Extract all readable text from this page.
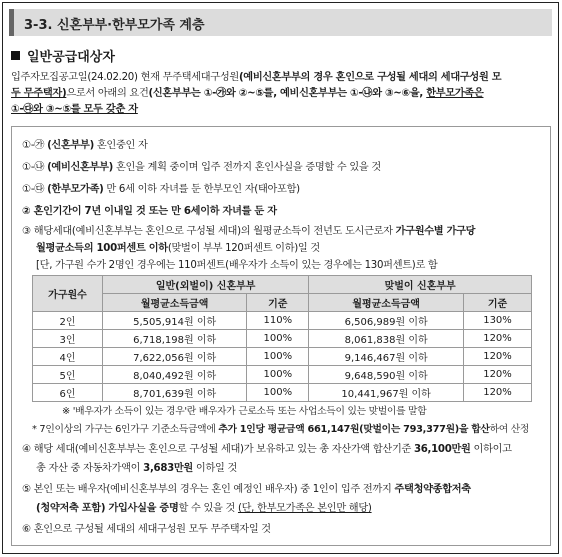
3-3. 신혼부부·한부모가족 계층
일반공급대상자
입주자모집공고일(24.02.20) 현재 무주택세대구성원(예비신혼부부의 경우 혼인으로 구성될 세대의 세대구성원 모
두 무주택자)으로서 아래의 요건(신혼부부는 ①-㉮와 ②~⑤를, 예비신혼부부는 ①-㉯와 ③~⑥을, 한부모가족은
①-㉰와 ③~⑤를 모두 갖춘 자
①-㉮ (신혼부부) 혼인중인 자
①-㉯ (예비신혼부부) 혼인을 계획 중이며 입주 전까지 혼인사실을 증명할 수 있을 것
①-㉰ (한부모가족) 만 6세 이하 자녀를 둔 한부모인 자(태아포함)
② 혼인기간이 7년 이내일 것 또는 만 6세이하 자녀를 둔 자
③ 해당세대(예비신혼부부는 혼인으로 구성될 세대)의 월평균소득이 전년도 도시근로자 가구원수별 가구당
월평균소득의 100퍼센트 이하(맞벌이 부부 120퍼센트 이하)일 것
[단, 가구원 수가 2명인 경우에는 110퍼센트(배우자가 소득이 있는 경우에는 130퍼센트)로 함
가구원수	일반(외벌이) 신혼부부		맞벌이 신혼부부	
	월평균소득금액	기준	월평균소득금액	기준
2인	5,505,914원 이하	110%	6,506,989원 이하	130%
3인	6,718,198원 이하	100%	8,061,838원 이하	120%
4인	7,622,056원 이하	100%	9,146,467원 이하	120%
5인	8,040,492원 이하	100%	9,648,590원 이하	120%
6인	8,701,639원 이하	100%	10,441,967원 이하	120%
※ '배우자가 소득이 있는 경우'란 배우자가 근로소득 또는 사업소득이 있는 맞벌이를 말함
* 7인이상의 가구는 6인가구 기준소득금액에 추가 1인당 평균금액 661,147원(맞벌이는 793,377원)을 합산하여 산정
④ 해당 세대(예비신혼부부는 혼인으로 구성될 세대)가 보유하고 있는 총 자산가액 합산기준 36,100만원 이하이고
총 자산 중 자동차가액이 3,683만원 이하일 것
⑤ 본인 또는 배우자(예비신혼부부의 경우는 혼인 예정인 배우자) 중 1인이 입주 전까지 주택청약종합저축
(청약저축 포함) 가입사실을 증명할 수 있을 것 (단, 한부모가족은 본인만 해당)
⑥ 혼인으로 구성될 세대의 세대구성원 모두 무주택자일 것
